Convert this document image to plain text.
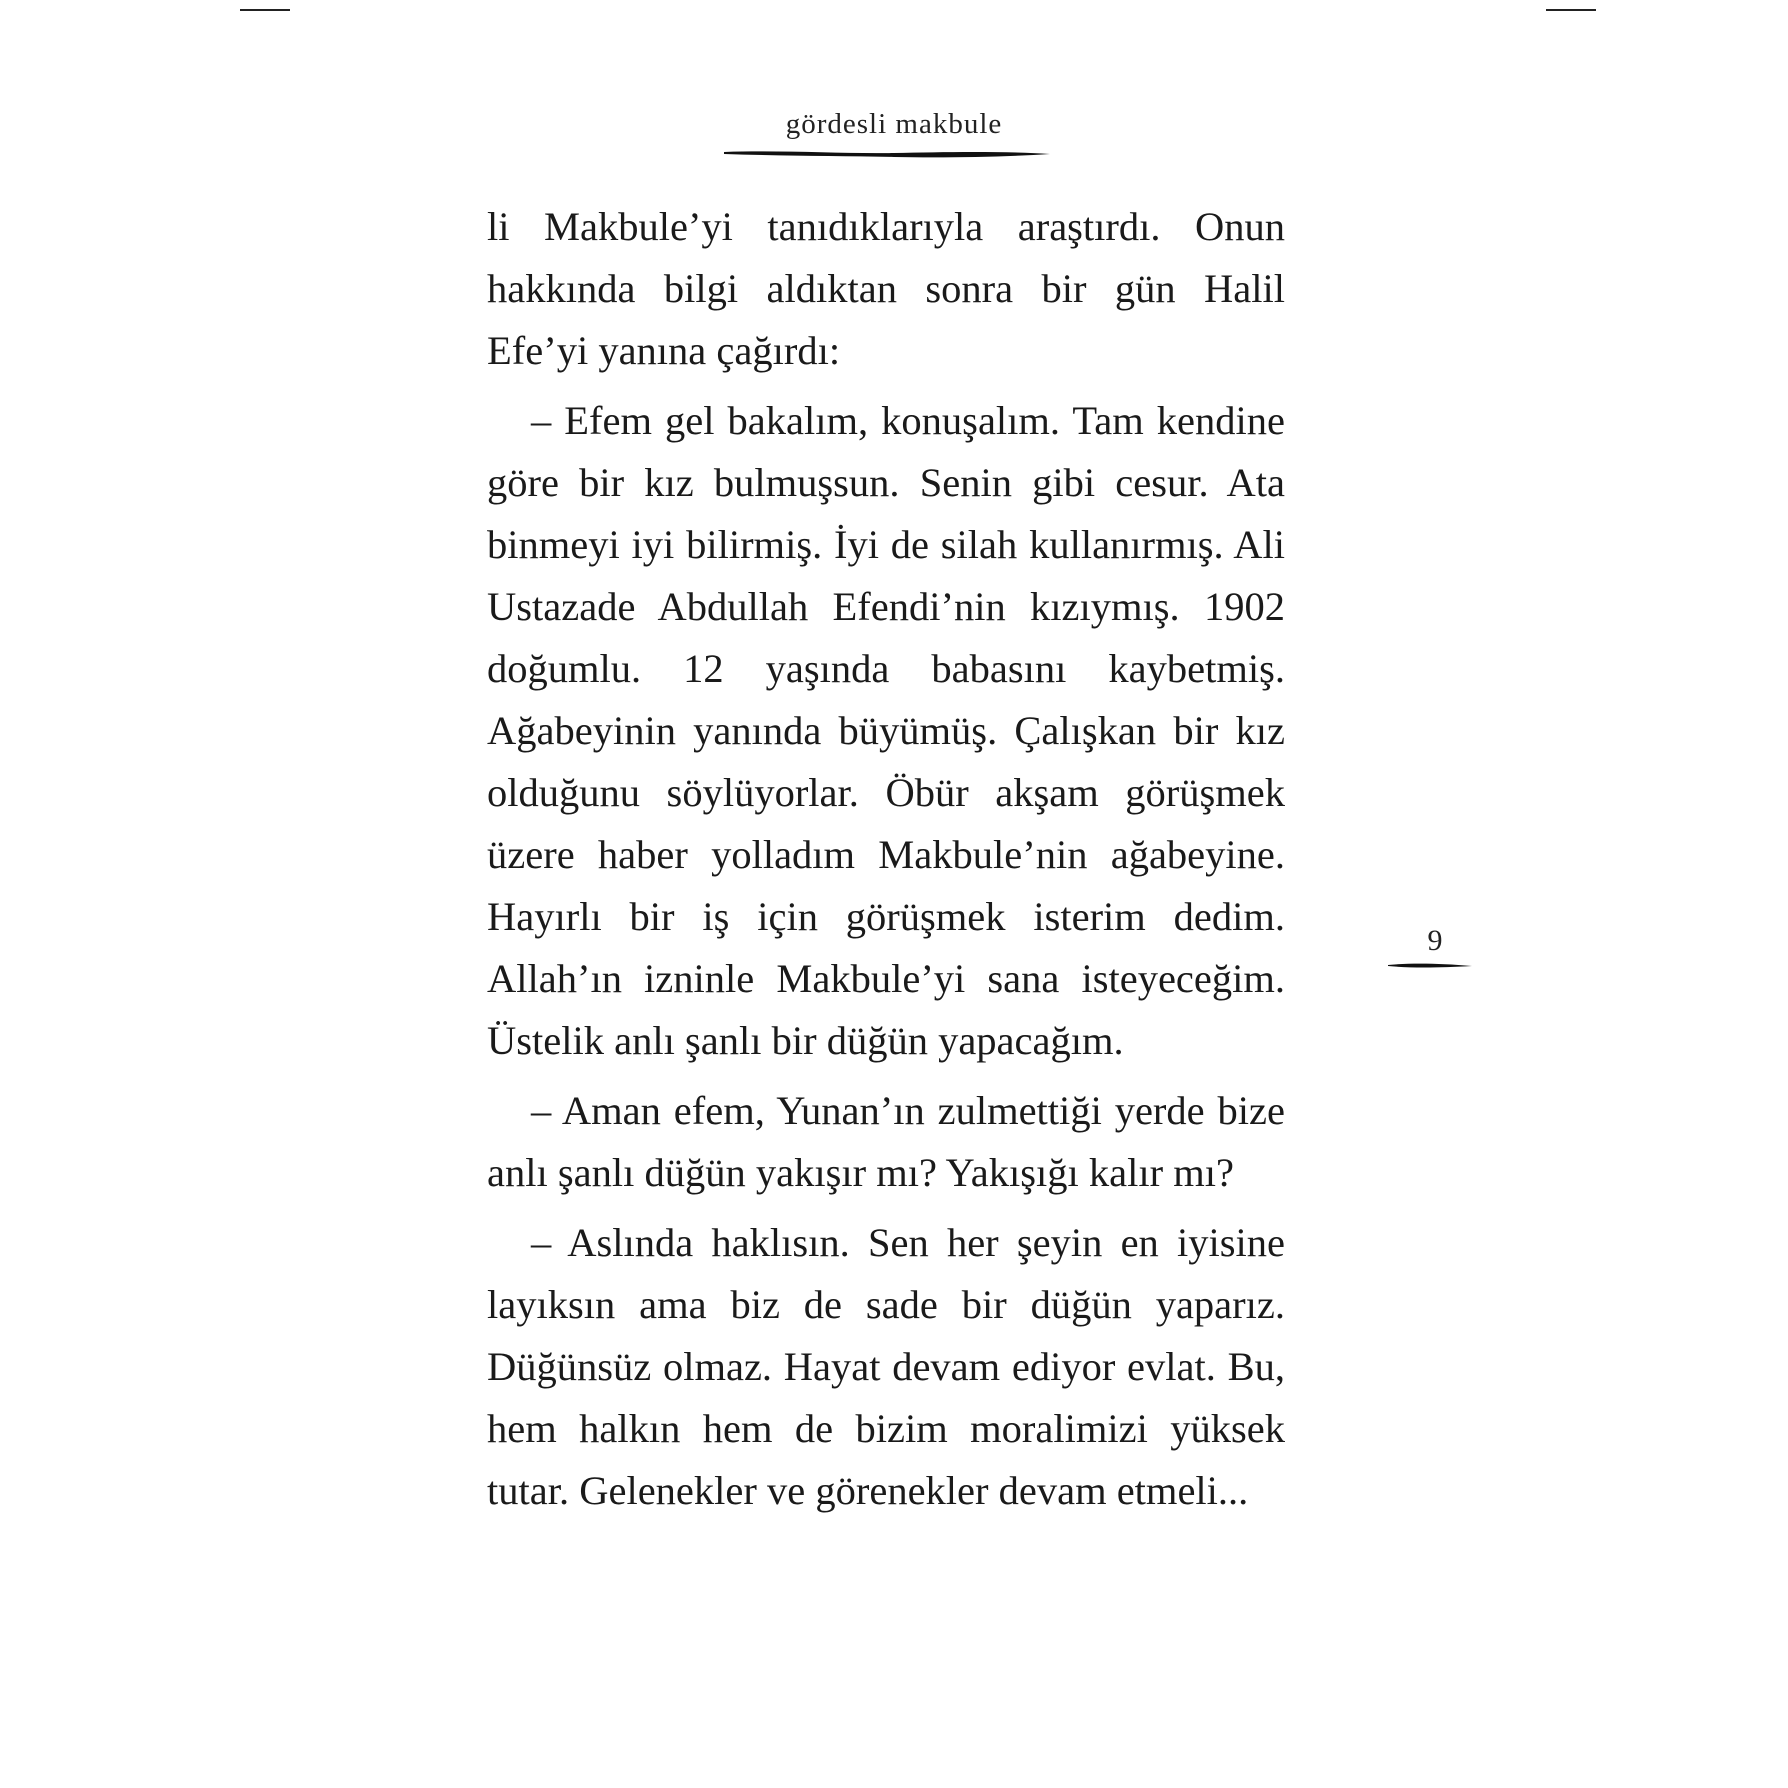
gördesli makbule

li Makbule’yi tanıdıklarıyla araştırdı. Onun hakkında bilgi aldıktan sonra bir gün Halil Efe’yi yanına çağırdı:

– Efem gel bakalım, konuşalım. Tam kendine göre bir kız bulmuşsun. Senin gibi cesur. Ata binmeyi iyi bilirmiş. İyi de silah kullanırmış. Ali Ustazade Abdullah Efendi’nin kızıymış. 1902 doğumlu. 12 yaşında babasını kaybetmiş. Ağabeyinin yanında büyümüş. Çalışkan bir kız olduğunu söylüyorlar. Öbür akşam görüşmek üzere haber yolladım Makbule’nin ağabeyine. Hayırlı bir iş için görüşmek isterim dedim. Allah’ın izninle Makbule’yi sana isteyeceğim. Üstelik anlı şanlı bir düğün yapacağım.

– Aman efem, Yunan’ın zulmettiği yerde bize anlı şanlı düğün yakışır mı? Yakışığı kalır mı?

– Aslında haklısın. Sen her şeyin en iyisine layıksın ama biz de sade bir düğün yaparız. Düğünsüz olmaz. Hayat devam ediyor evlat. Bu, hem halkın hem de bizim moralimizi yüksek tutar. Gelenekler ve görenekler devam etmeli...

9
